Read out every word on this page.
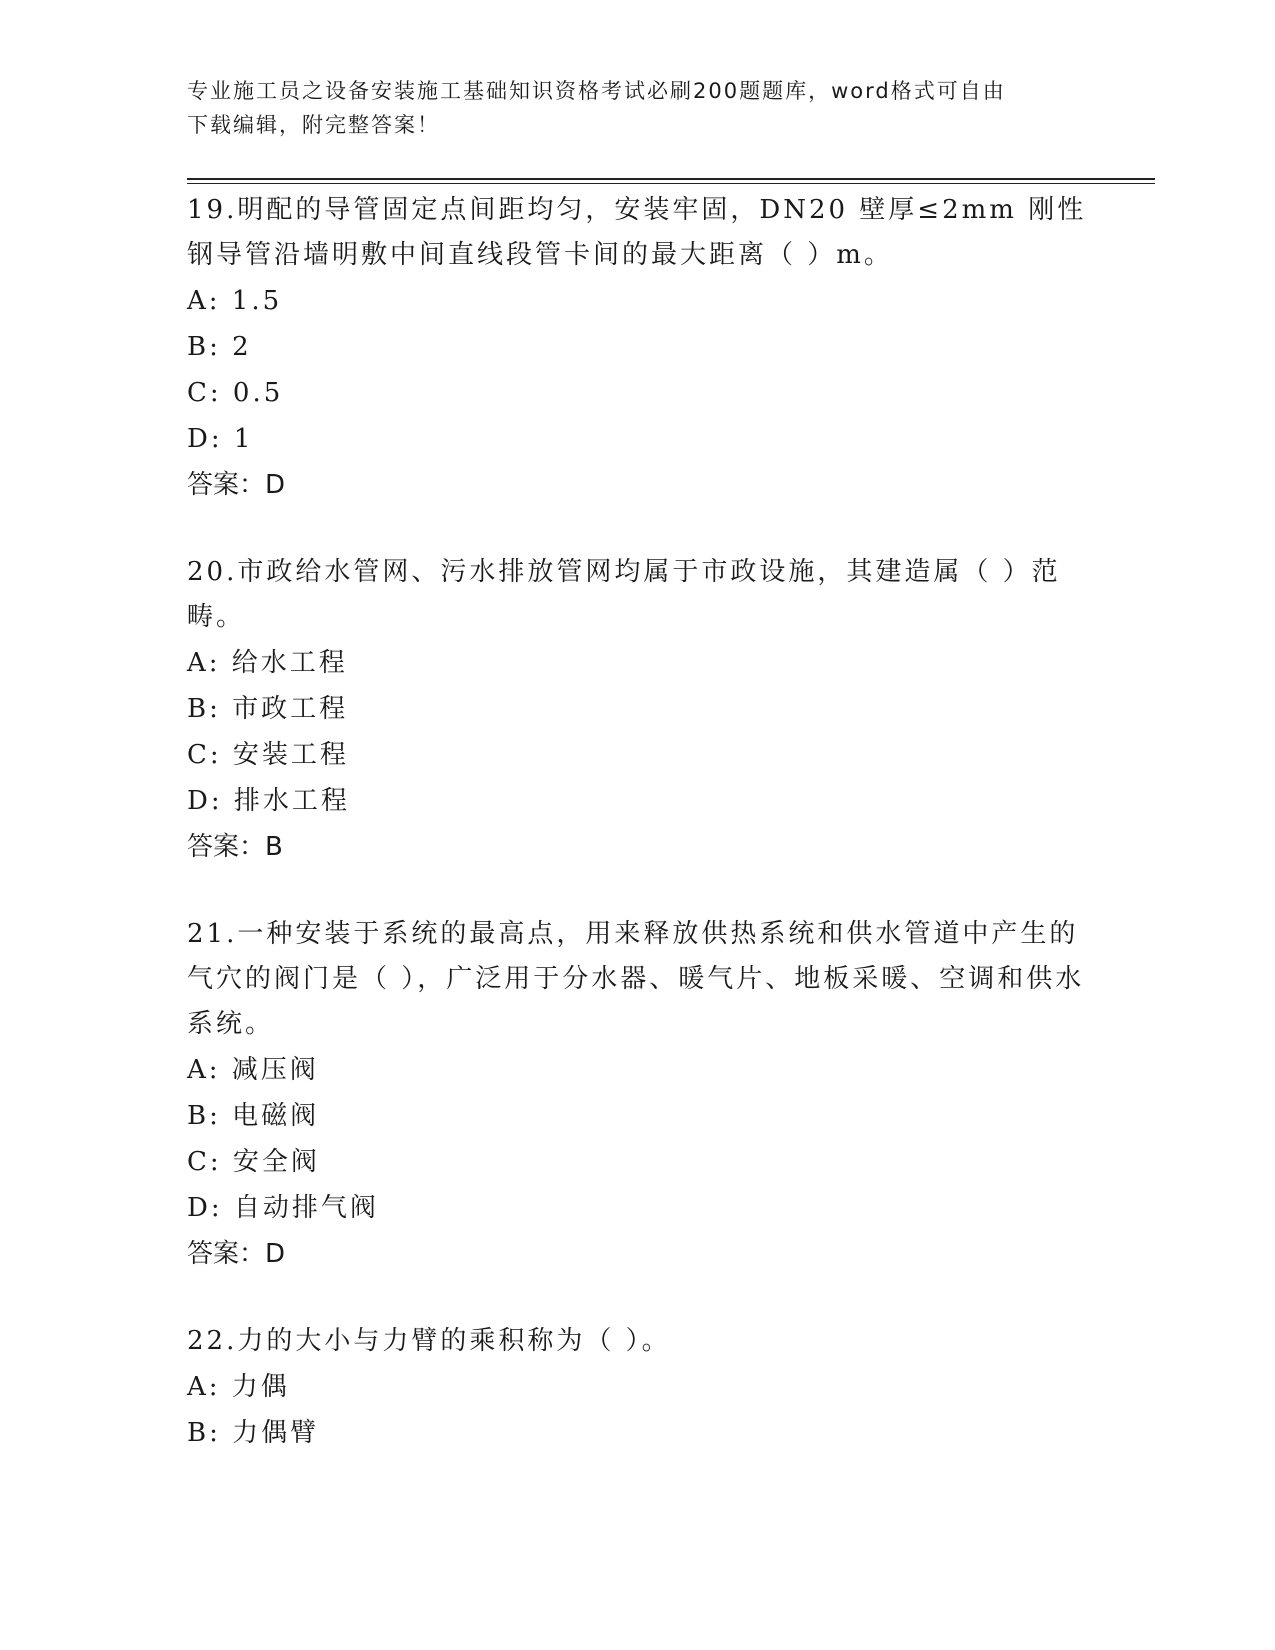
专业施工员之设备安装施工基础知识资格考试必刷200题题库，word格式可自由
下载编辑，附完整答案！
19.明配的导管固定点间距均匀，安装牢固，DN20 壁厚≤2mm 刚性钢导管沿墙明敷中间直线段管卡间的最大距离（ ）m。
A: 1.5
B: 2
C: 0.5
D: 1
答案：D
20.市政给水管网、污水排放管网均属于市政设施，其建造属（ ）范畴。
A: 给水工程
B: 市政工程
C: 安装工程
D: 排水工程
答案：B
21.一种安装于系统的最高点，用来释放供热系统和供水管道中产生的气穴的阀门是（ ），广泛用于分水器、暖气片、地板采暖、空调和供水系统。
A: 减压阀
B: 电磁阀
C: 安全阀
D: 自动排气阀
答案：D
22.力的大小与力臂的乘积称为（ ）。
A: 力偶
B: 力偶臂
